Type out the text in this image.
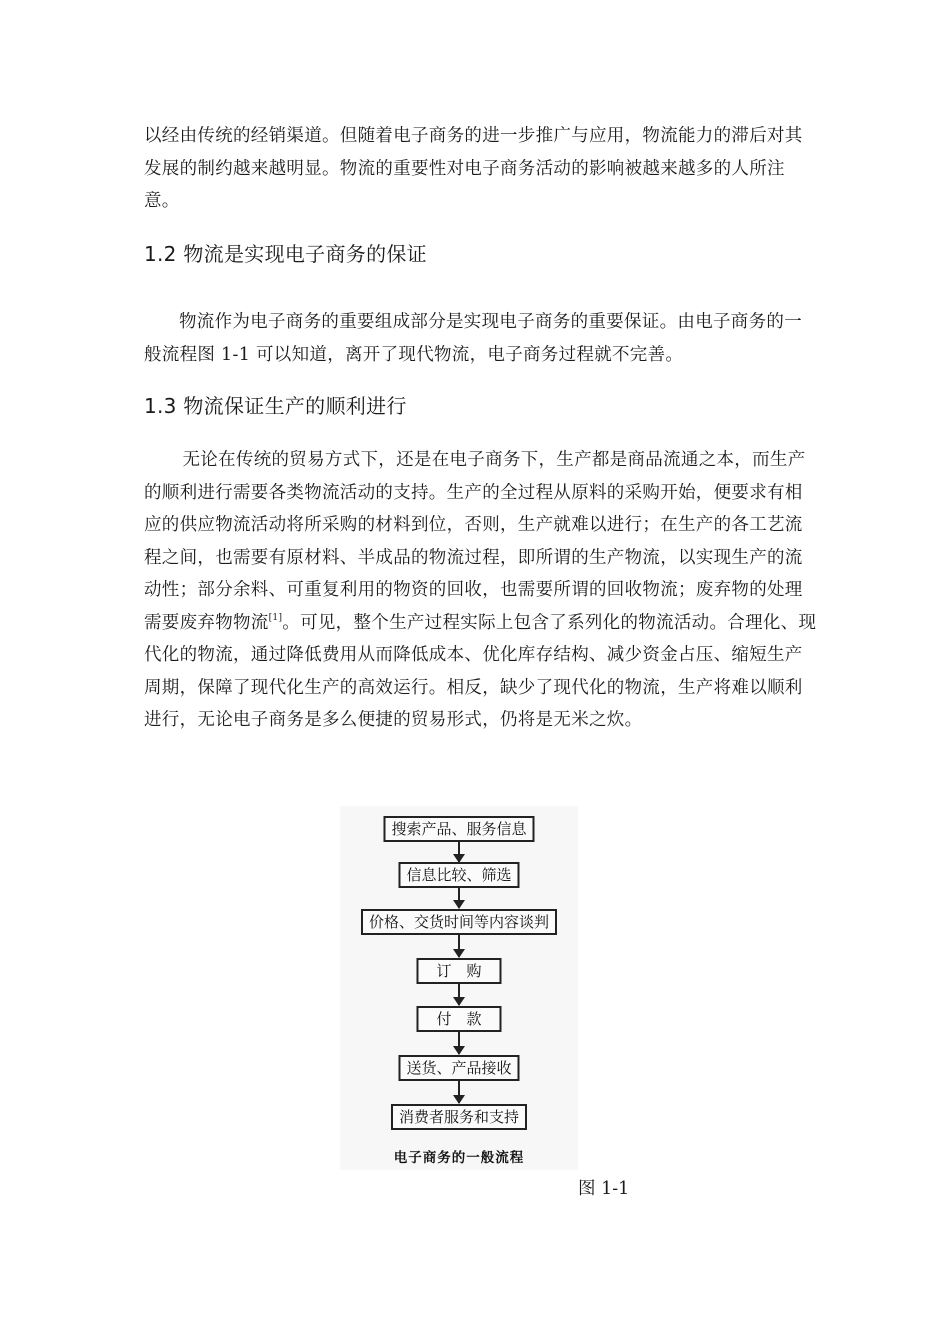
以经由传统的经销渠道。但随着电子商务的进一步推广与应用，物流能力的滞后对其发展的制约越来越明显。物流的重要性对电子商务活动的影响被越来越多的人所注意。
1.2 物流是实现电子商务的保证
物流作为电子商务的重要组成部分是实现电子商务的重要保证。由电子商务的一般流程图 1-1 可以知道，离开了现代物流，电子商务过程就不完善。
1.3 物流保证生产的顺利进行
无论在传统的贸易方式下，还是在电子商务下，生产都是商品流通之本，而生产的顺利进行需要各类物流活动的支持。生产的全过程从原料的采购开始，便要求有相应的供应物流活动将所采购的材料到位，否则，生产就难以进行；在生产的各工艺流程之间，也需要有原材料、半成品的物流过程，即所谓的生产物流，以实现生产的流动性；部分余料、可重复利用的物资的回收，也需要所谓的回收物流；废弃物的处理需要废弃物物流[1]。可见，整个生产过程实际上包含了系列化的物流活动。合理化、现代化的物流，通过降低费用从而降低成本、优化库存结构、减少资金占压、缩短生产周期，保障了现代化生产的高效运行。相反，缺少了现代化的物流，生产将难以顺利进行，无论电子商务是多么便捷的贸易形式，仍将是无米之炊。
搜索产品、服务信息
信息比较、筛选
价格、交货时间等内容谈判
订　购
付　款
送货、产品接收
消费者服务和支持
电子商务的一般流程
图 1-1
